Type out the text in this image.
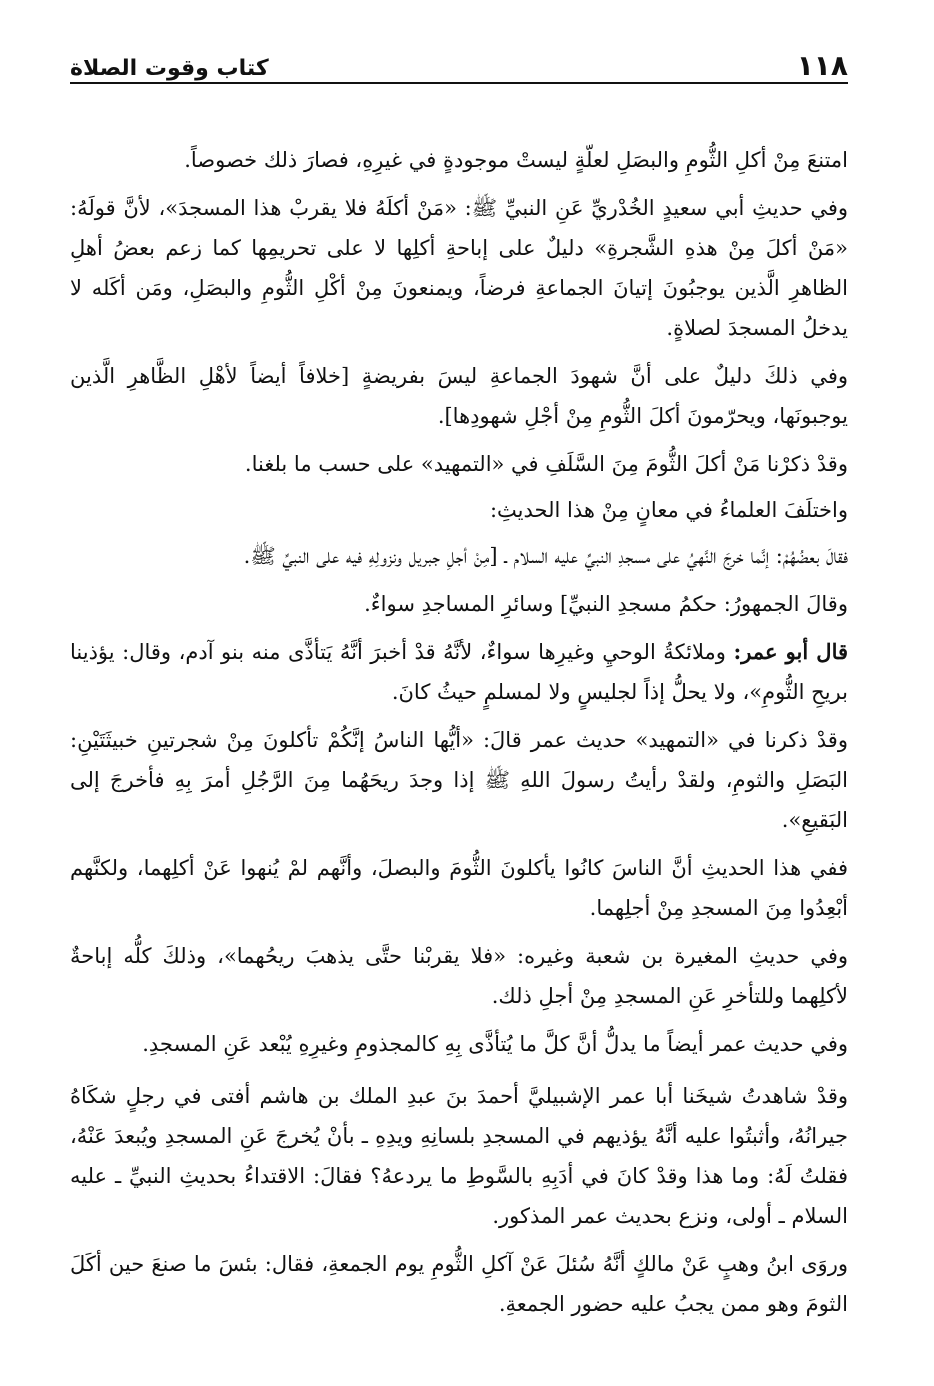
١١٨
كتاب وقوت الصلاة

امتنعَ مِنْ أكلِ الثُّومِ والبصَلِ لعلّةٍ ليستْ موجودةٍ في غيرِهِ، فصارَ ذلك خصوصاً.

وفي حديثِ أبي سعيدٍ الخُدْريِّ عَنِ النبيِّ ﷺ: «مَنْ أكلَهُ فلا يقربْ هذا المسجدَ»، لأنَّ قولَهُ: «مَنْ أكلَ مِنْ هذهِ الشَّجرةِ» دليلٌ على إباحةِ أكلِها لا على تحريمِها كما زعم بعضُ أهلِ الظاهرِ الَّذين يوجبُونَ إتيانَ الجماعةِ فرضاً، ويمنعونَ مِنْ أكْلِ الثُّومِ والبصَلِ، ومَن أكَله لا يدخلُ المسجدَ لصلاةٍ.

وفي ذلكَ دليلٌ على أنَّ شهودَ الجماعةِ ليسَ بفريضةٍ [خلافاً أيضاً لأهْلِ الظَّاهرِ الَّذين يوجبونَها، ويحرّمونَ أكلَ الثُّومِ مِنْ أجْلِ شهودِها].

وقدْ ذكرْنا مَنْ أكلَ الثُّومَ مِنَ السَّلَفِ في «التمهيد» على حسب ما بلغنا.

واختلَفَ العلماءُ في معانٍ مِنْ هذا الحديثِ:

فقالَ بعضُهُمْ: إنَّما خرجَ النَّهيُ على مسجدِ النبيِّ عليه السلام ـ [مِنْ أجلِ جبريل ونزولِهِ فيه على النبيِّ ﷺ.

وقالَ الجمهورُ: حكمُ مسجدِ النبيِّ] وسائرِ المساجدِ سواءٌ.

قال أبو عمر: وملائكةُ الوحيِ وغيرِها سواءٌ، لأنَّهُ قدْ أخبرَ أنَّهُ يَتأذَّى منه بنو آدم، وقال: يؤذينا بريحِ الثُّومِ»، ولا يحلُّ إذاً لجليسٍ ولا لمسلمٍ حيثُ كانَ.

وقدْ ذكرنا في «التمهيد» حديث عمر قالَ: «أيُّها الناسُ إنَّكُمْ تأكلونَ مِنْ شجرتينِ خبيثَتَيْنِ: البَصَلِ والثومِ، ولقدْ رأيتُ رسولَ اللهِ ﷺ إذا وجدَ ريحَهُما مِنَ الرَّجُلِ أمرَ بِهِ فأخرجَ إلى البَقيعِ».

ففي هذا الحديثِ أنَّ الناسَ كانُوا يأكلونَ الثُّومَ والبصلَ، وأنَّهم لمْ يُنهوا عَنْ أكلِهما، ولكنَّهم أبْعِدُوا مِنَ المسجدِ مِنْ أجلِهما.

وفي حديثِ المغيرة بن شعبة وغيره: «فلا يقربْنا حتَّى يذهبَ ريحُهما»، وذلكَ كلُّه إباحةٌ لأكلِهما وللتأخرِ عَنِ المسجدِ مِنْ أجلِ ذلك.

وفي حديث عمر أيضاً ما يدلُّ أنَّ كلَّ ما يُتأذَّى بِهِ كالمجذومِ وغيرِهِ يُبْعد عَنِ المسجدِ.

وقدْ شاهدتُ شيخَنا أبا عمر الإشبيليَّ أحمدَ بنَ عبدِ الملك بن هاشم أفتى في رجلٍ شكَاهُ جيرانُهُ، وأثبتُوا عليه أنَّهُ يؤذيهم في المسجدِ بلسانِهِ ويدِهِ ـ بأنْ يُخرجَ عَنِ المسجدِ ويُبعدَ عَنْهُ، فقلتُ لَهُ: وما هذا وقدْ كانَ في أدَبِهِ بالسَّوطِ ما يردعهُ؟ فقالَ: الاقتداءُ بحديثِ النبيِّ ـ عليه السلام ـ أولى، ونزع بحديث عمر المذكور.

وروَى ابنُ وهبٍ عَنْ مالكٍ أنَّهُ سُئلَ عَنْ آكلِ الثُّومِ يوم الجمعةِ، فقال: بئسَ ما صنعَ حين أكَلَ الثومَ وهو ممن يجبُ عليه حضور الجمعةِ.
